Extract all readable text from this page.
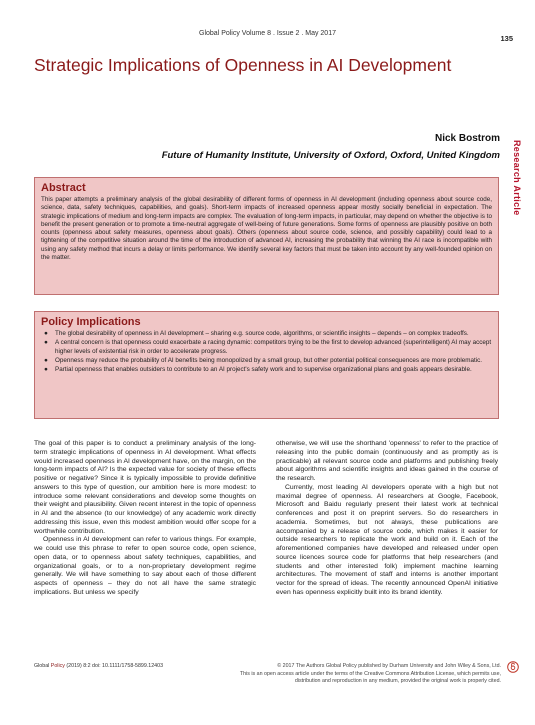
Global Policy Volume 8 . Issue 2 . May 2017
135
Strategic Implications of Openness in AI Development
Nick Bostrom
Future of Humanity Institute, University of Oxford, Oxford, United Kingdom	Research Article
Abstract

This paper attempts a preliminary analysis of the global desirability of different forms of openness in AI development (including openness about source code, science, data, safety techniques, capabilities, and goals). Short-term impacts of increased openness appear mostly socially beneficial in expectation. The strategic implications of medium and long-term impacts are complex. The evaluation of long-term impacts, in particular, may depend on whether the objective is to benefit the present generation or to promote a time-neutral aggregate of well-being of future generations. Some forms of openness are plausibly positive on both counts (openness about safety measures, openness about goals). Others (openness about source code, science, and possibly capability) could lead to a tightening of the competitive situation around the time of the introduction of advanced AI, increasing the probability that winning the AI race is incompatible with using any safety method that incurs a delay or limits performance. We identify several key factors that must be taken into account by any well-founded opinion on the matter.

Policy Implications
● The global desirability of openness in AI development – sharing e.g. source code, algorithms, or scientific insights – depends – on complex tradeoffs.
● A central concern is that openness could exacerbate a racing dynamic: competitors trying to be the first to develop advanced (superintelligent) AI may accept higher levels of existential risk in order to accelerate progress.
● Openness may reduce the probability of AI benefits being monopolized by a small group, but other potential political consequences are more problematic.
● Partial openness that enables outsiders to contribute to an AI project's safety work and to supervise organizational plans and goals appears desirable.

The goal of this paper is to conduct a preliminary analysis of the long-term strategic implications of openness in AI development. What effects would increased openness in AI development have, on the margin, on the long-term impacts of AI? Is the expected value for society of these effects positive or negative? Since it is typically impossible to provide definitive answers to this type of question, our ambition here is more modest: to introduce some relevant considerations and develop some thoughts on their weight and plausibility. Given recent interest in the topic of openness in AI and the absence (to our knowledge) of any academic work directly addressing this issue, even this modest ambition would offer scope for a worthwhile contribution.

Openness in AI development can refer to various things. For example, we could use this phrase to refer to open source code, open science, open data, or to openness about safety techniques, capabilities, and organizational goals, or to a non-proprietary development regime generally. We will have something to say about each of those different aspects of openness – they do not all have the same strategic implications. But unless we specify

otherwise, we will use the shorthand 'openness' to refer to the practice of releasing into the public domain (continuously and as promptly as is practicable) all relevant source code and platforms and publishing freely about algorithms and scientific insights and ideas gained in the course of the research.

Currently, most leading AI developers operate with a high but not maximal degree of openness. AI researchers at Google, Facebook, Microsoft and Baidu regularly present their latest work at technical conferences and post it on preprint servers. So do researchers in academia. Sometimes, but not always, these publications are accompanied by a release of source code, which makes it easier for outside researchers to replicate the work and build on it. Each of the aforementioned companies have developed and released under open source licences source code for platforms that help researchers (and students and other interested folk) implement machine learning architectures. The movement of staff and interns is another important vector for the spread of ideas. The recently announced OpenAI initiative even has openness explicitly built into its brand identity.

Global Policy (2019) 8:2 doi: 10.1111/1758-5899.12403	© 2017 The Authors Global Policy published by Durham University and John Wiley & Sons, Ltd.
This is an open access article under the terms of the Creative Commons Attribution License, which permits use,
distribution and reproduction in any medium, provided the original work is properly cited.
